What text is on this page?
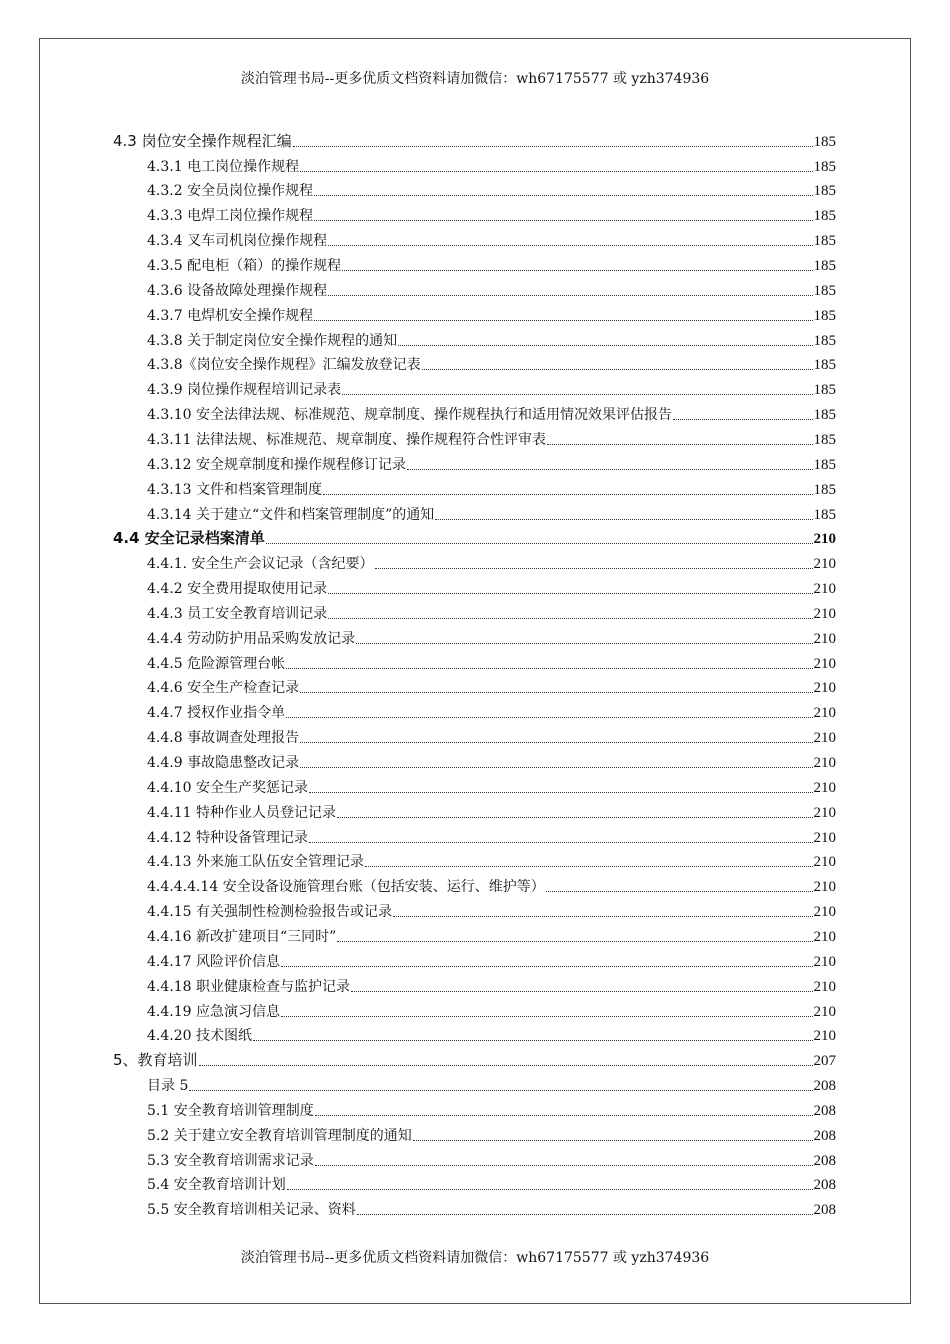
淡泊管理书局--更多优质文档资料请加微信：wh67175577 或 yzh374936
4.3 岗位安全操作规程汇编	185
4.3.1 电工岗位操作规程	185
4.3.2 安全员岗位操作规程	185
4.3.3 电焊工岗位操作规程	185
4.3.4 叉车司机岗位操作规程	185
4.3.5 配电柜（箱）的操作规程	185
4.3.6 设备故障处理操作规程	185
4.3.7 电焊机安全操作规程	185
4.3.8 关于制定岗位安全操作规程的通知	185
4.3.8《岗位安全操作规程》汇编发放登记表	185
4.3.9 岗位操作规程培训记录表	185
4.3.10 安全法律法规、标准规范、规章制度、操作规程执行和适用情况效果评估报告	185
4.3.11 法律法规、标准规范、规章制度、操作规程符合性评审表	185
4.3.12 安全规章制度和操作规程修订记录	185
4.3.13 文件和档案管理制度	185
4.3.14 关于建立“文件和档案管理制度”的通知	185
4.4 安全记录档案清单	210
4.4.1. 安全生产会议记录（含纪要）	210
4.4.2 安全费用提取使用记录	210
4.4.3 员工安全教育培训记录	210
4.4.4 劳动防护用品采购发放记录	210
4.4.5 危险源管理台帐	210
4.4.6 安全生产检查记录	210
4.4.7 授权作业指令单	210
4.4.8 事故调查处理报告	210
4.4.9 事故隐患整改记录	210
4.4.10 安全生产奖惩记录	210
4.4.11 特种作业人员登记记录	210
4.4.12 特种设备管理记录	210
4.4.13 外来施工队伍安全管理记录	210
4.4.4.4.14 安全设备设施管理台账（包括安装、运行、维护等）	210
4.4.15 有关强制性检测检验报告或记录	210
4.4.16 新改扩建项目“三同时”	210
4.4.17 风险评价信息	210
4.4.18 职业健康检查与监护记录	210
4.4.19 应急演习信息	210
4.4.20 技术图纸	210
5、教育培训	207
目录 5	208
5.1 安全教育培训管理制度	208
5.2 关于建立安全教育培训管理制度的通知	208
5.3 安全教育培训需求记录	208
5.4 安全教育培训计划	208
5.5 安全教育培训相关记录、资料	208
淡泊管理书局--更多优质文档资料请加微信：wh67175577 或 yzh374936
